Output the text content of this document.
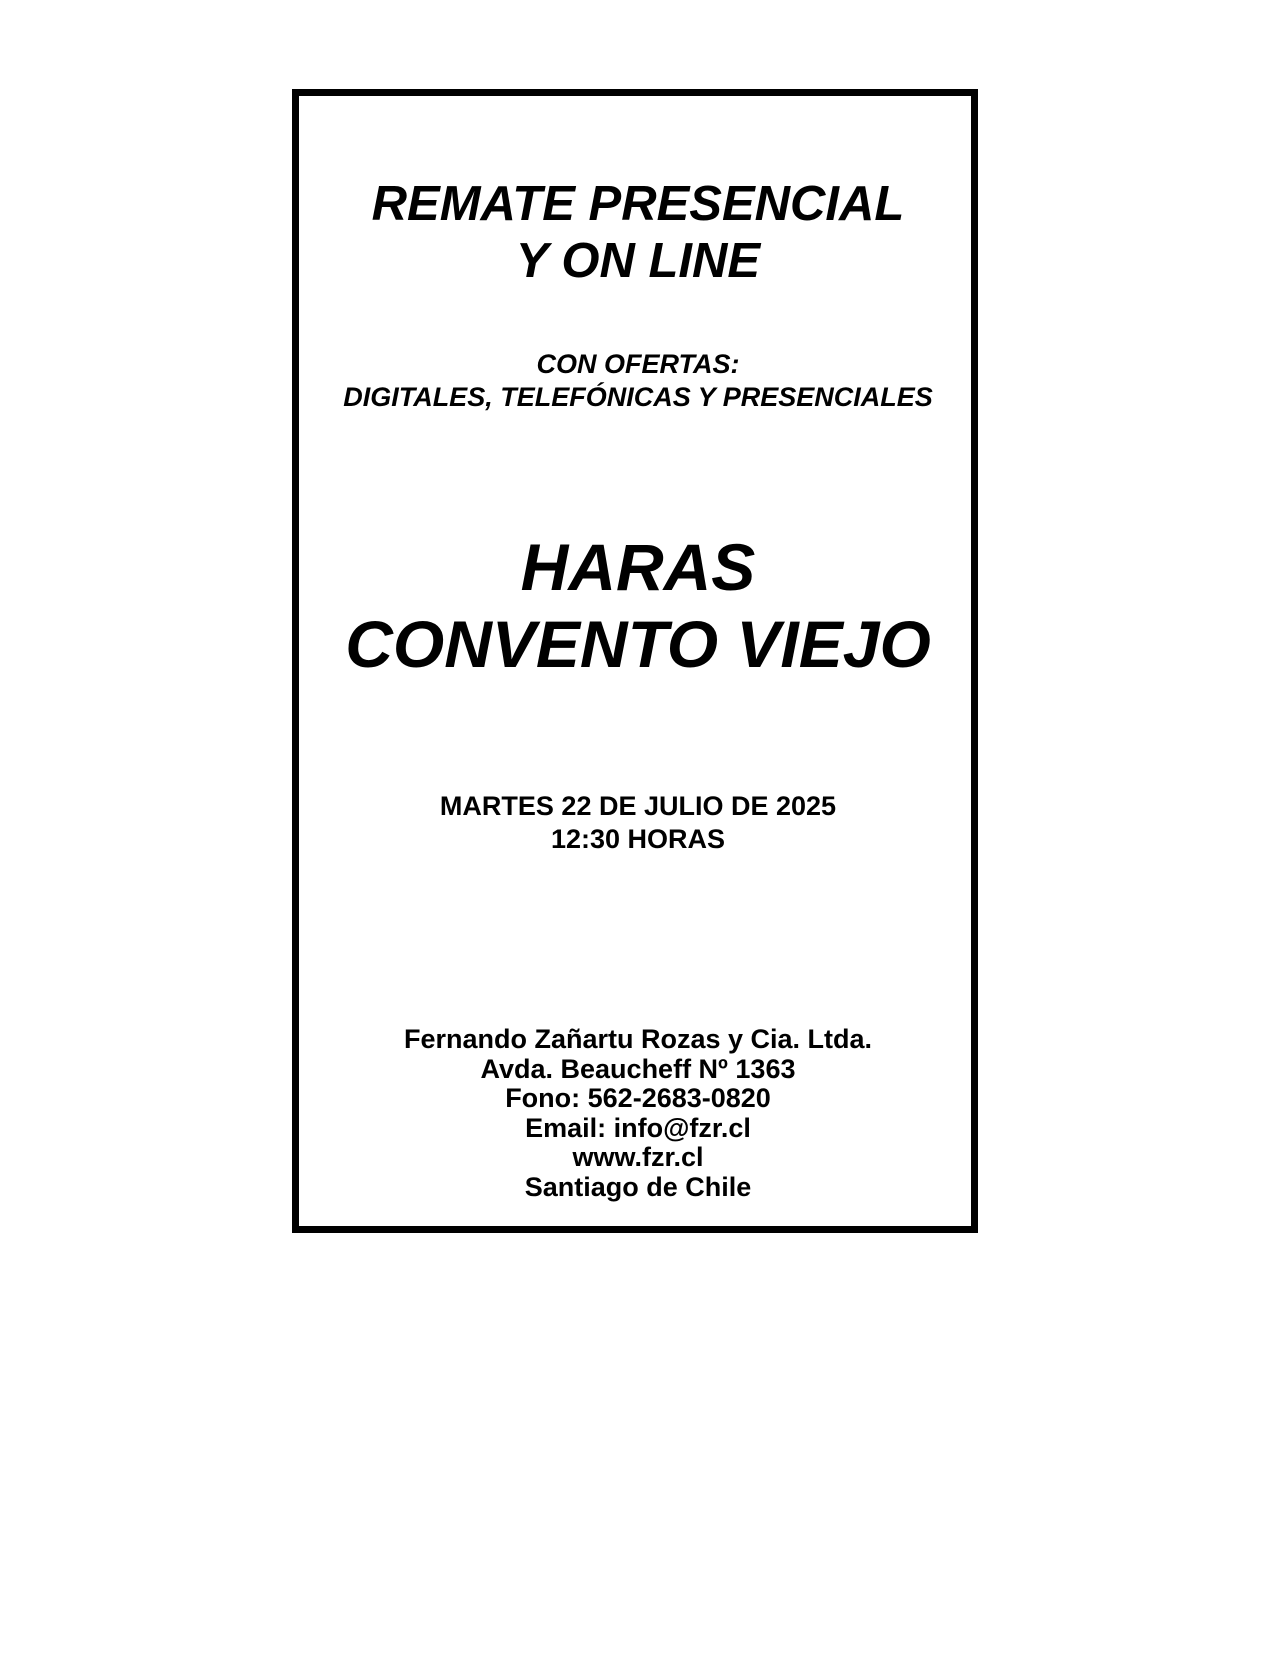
REMATE PRESENCIAL
Y ON LINE
CON OFERTAS:
DIGITALES, TELEFÓNICAS Y PRESENCIALES
HARAS
CONVENTO VIEJO
MARTES 22 DE JULIO DE 2025
12:30 HORAS
Fernando Zañartu Rozas y Cia. Ltda.
Avda. Beaucheff Nº 1363
Fono: 562-2683-0820
Email: info@fzr.cl
www.fzr.cl
Santiago de Chile
